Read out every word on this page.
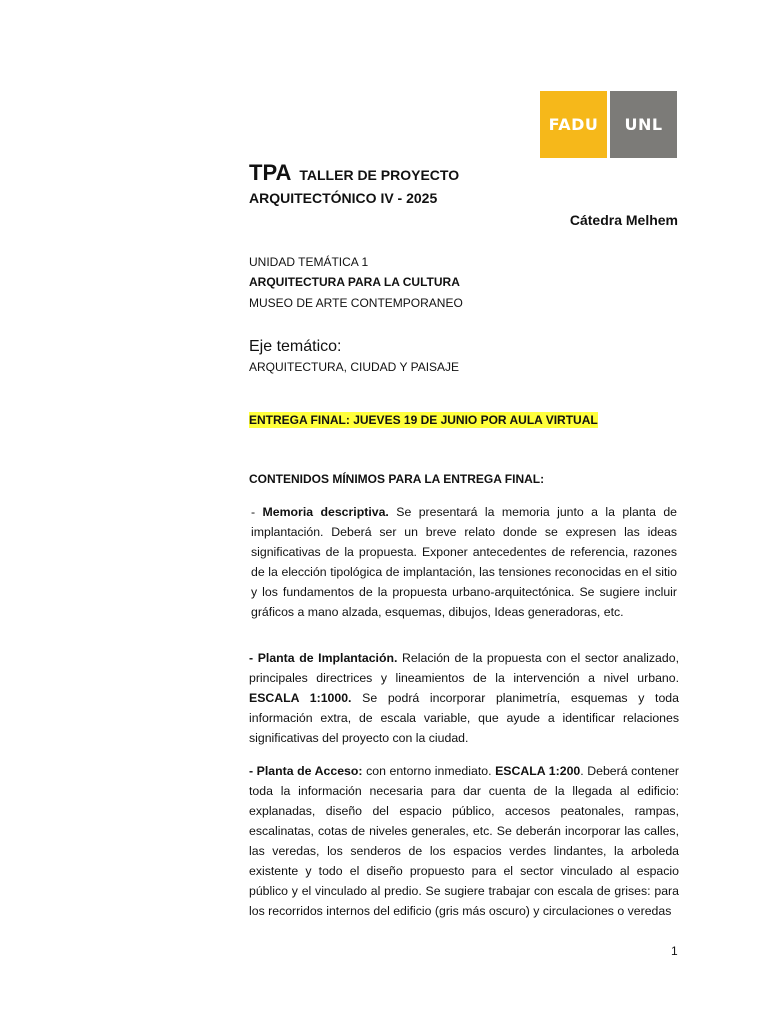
FADU	UNL
TPA TALLER DE PROYECTO
ARQUITECTÓNICO IV - 2025
Cátedra Melhem
UNIDAD TEMÁTICA 1
ARQUITECTURA PARA LA CULTURA
MUSEO DE ARTE CONTEMPORANEO
Eje temático:
ARQUITECTURA, CIUDAD Y PAISAJE
ENTREGA FINAL: JUEVES 19 DE JUNIO POR AULA VIRTUAL
CONTENIDOS MÍNIMOS PARA LA ENTREGA FINAL:
- Memoria descriptiva. Se presentará la memoria junto a la planta de implantación. Deberá ser un breve relato donde se expresen las ideas significativas de la propuesta. Exponer antecedentes de referencia, razones de la elección tipológica de implantación, las tensiones reconocidas en el sitio y los fundamentos de la propuesta urbano-arquitectónica. Se sugiere incluir gráficos a mano alzada, esquemas, dibujos, Ideas generadoras, etc.
- Planta de Implantación. Relación de la propuesta con el sector analizado, principales directrices y lineamientos de la intervención a nivel urbano. ESCALA 1:1000. Se podrá incorporar planimetría, esquemas y toda información extra, de escala variable, que ayude a identificar relaciones significativas del proyecto con la ciudad.
- Planta de Acceso: con entorno inmediato. ESCALA 1:200. Deberá contener toda la información necesaria para dar cuenta de la llegada al edificio: explanadas, diseño del espacio público, accesos peatonales, rampas, escalinatas, cotas de niveles generales, etc. Se deberán incorporar las calles, las veredas, los senderos de los espacios verdes lindantes, la arboleda existente y todo el diseño propuesto para el sector vinculado al espacio público y el vinculado al predio. Se sugiere trabajar con escala de grises: para los recorridos internos del edificio (gris más oscuro) y circulaciones o veredas
1
